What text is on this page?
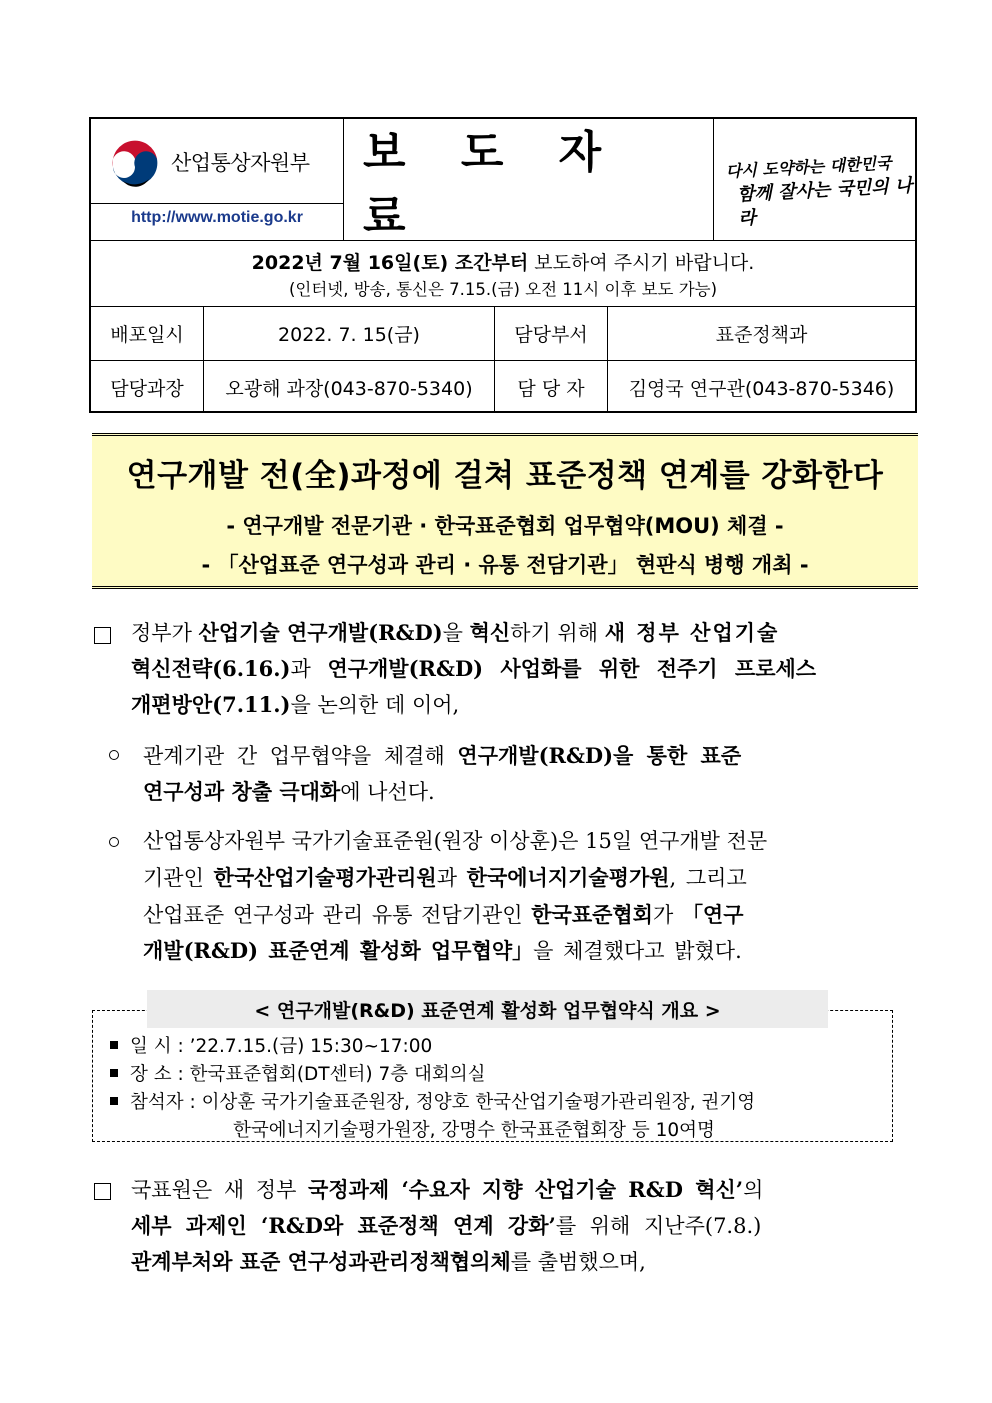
산업통상자원부
http://www.motie.go.kr
보 도 자 료
다시 도약하는 대한민국
함께 잘사는 국민의 나라
2022년 7월 16일(토) 조간부터 보도하여 주시기 바랍니다.
(인터넷, 방송, 통신은 7.15.(금) 오전 11시 이후 보도 가능)
배포일시	2022. 7. 15(금)	담당부서	표준정책과
담당과장	오광해 과장(043-870-5340)	담 당 자	김영국 연구관(043-870-5346)
연구개발 전(全)과정에 걸쳐 표준정책 연계를 강화한다
- 연구개발 전문기관 · 한국표준협회 업무협약(MOU) 체결 -
- 「산업표준 연구성과 관리 · 유통 전담기관」 현판식 병행 개최 -
정부가 산업기술 연구개발(R&D)을 혁신하기 위해 새 정부 산업기술
혁신전략(6.16.)과 연구개발(R&D) 사업화를 위한 전주기 프로세스
개편방안(7.11.)을 논의한 데 이어,
관계기관 간 업무협약을 체결해 연구개발(R&D)을 통한 표준
연구성과 창출 극대화에 나선다.
산업통상자원부 국가기술표준원(원장 이상훈)은 15일 연구개발 전문
기관인 한국산업기술평가관리원과 한국에너지기술평가원, 그리고
산업표준 연구성과 관리 유통 전담기관인 한국표준협회가 「연구
개발(R&D) 표준연계 활성화 업무협약」을 체결했다고 밝혔다.
< 연구개발(R&D) 표준연계 활성화 업무협약식 개요 >
일 시 : ’22.7.15.(금) 15:30~17:00
장 소 : 한국표준협회(DT센터) 7층 대회의실
참석자 : 이상훈 국가기술표준원장, 정양호 한국산업기술평가관리원장, 권기영
한국에너지기술평가원장, 강명수 한국표준협회장 등 10여명
국표원은 새 정부 국정과제 ‘수요자 지향 산업기술 R&D 혁신’의
세부 과제인 ‘R&D와 표준정책 연계 강화’를 위해 지난주(7.8.)
관계부처와 표준 연구성과관리정책협의체를 출범했으며,
